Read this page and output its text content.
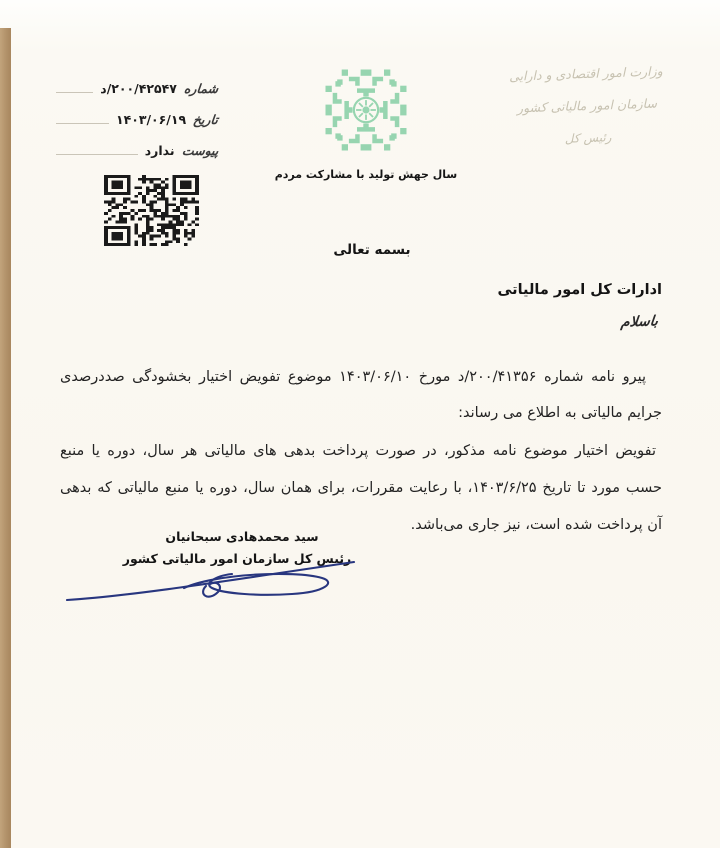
شماره
۲۰۰/۴۲۵۴۷/د
تاریخ
۱۴۰۳/۰۶/۱۹
پیوست
ندارد
وزارت امور اقتصادی و دارایی
سازمان امور مالیاتی کشور
رئیس کل
سال جهش تولید با مشارکت مردم
بسمه تعالی
ادارات کل امور مالیاتی
باسلام

پیرو نامه شماره ۲۰۰/۴۱۳۵۶/د مورخ ۱۴۰۳/۰۶/۱۰ موضوع تفویض اختیار بخشودگی صددرصدی جرایم مالیاتی به اطلاع می رساند:

تفویض اختیار موضوع نامه مذکور، در صورت پرداخت بدهی های مالیاتی هر سال، دوره یا منبع حسب مورد تا تاریخ ۱۴۰۳/۶/۲۵، با رعایت مقررات، برای همان سال، دوره یا منبع مالیاتی که بدهی آن پرداخت شده است، نیز جاری می‌باشد.

سید محمدهادی سبحانیان
رئیس کل سازمان امور مالیاتی کشور
